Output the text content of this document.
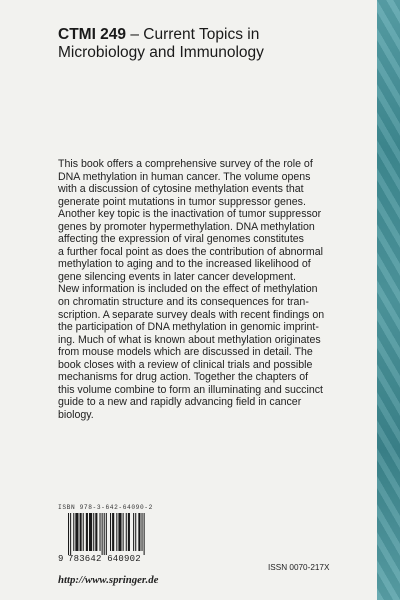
CTMI 249 – Current Topics in
Microbiology and Immunology
This book offers a comprehensive survey of the role of
DNA methylation in human cancer. The volume opens
with a discussion of cytosine methylation events that
generate point mutations in tumor suppressor genes.
Another key topic is the inactivation of tumor suppressor
genes by promoter hypermethylation. DNA methylation
affecting the expression of viral genomes constitutes
a further focal point as does the contribution of abnormal
methylation to aging and to the increased likelihood of
gene silencing events in later cancer development.
New information is included on the effect of methylation
on chromatin structure and its consequences for tran-
scription. A separate survey deals with recent findings on
the participation of DNA methylation in genomic imprint-
ing. Much of what is known about methylation originates
from mouse models which are discussed in detail. The
book closes with a review of clinical trials and possible
mechanisms for drug action. Together the chapters of
this volume combine to form an illuminating and succinct
guide to a new and rapidly advancing field in cancer
biology.
ISBN 978-3-642-64090-2
9 783642 640902
http://www.springer.de
ISSN 0070-217X
